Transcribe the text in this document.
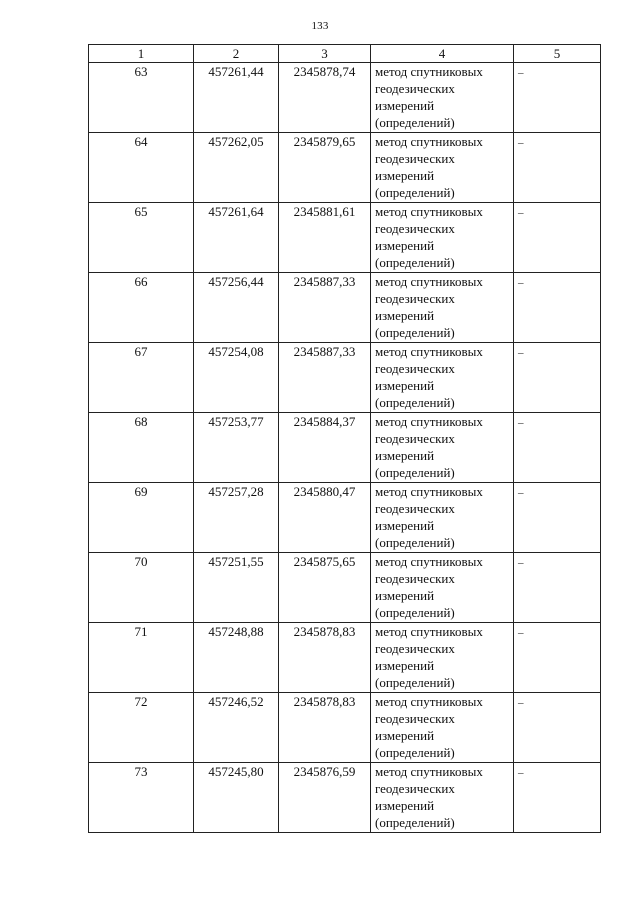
133
1	2	3	4	5
63	457261,44	2345878,74	метод спутниковых
геодезических
измерений
(определений)	–
64	457262,05	2345879,65	метод спутниковых
геодезических
измерений
(определений)	–
65	457261,64	2345881,61	метод спутниковых
геодезических
измерений
(определений)	–
66	457256,44	2345887,33	метод спутниковых
геодезических
измерений
(определений)	–
67	457254,08	2345887,33	метод спутниковых
геодезических
измерений
(определений)	–
68	457253,77	2345884,37	метод спутниковых
геодезических
измерений
(определений)	–
69	457257,28	2345880,47	метод спутниковых
геодезических
измерений
(определений)	–
70	457251,55	2345875,65	метод спутниковых
геодезических
измерений
(определений)	–
71	457248,88	2345878,83	метод спутниковых
геодезических
измерений
(определений)	–
72	457246,52	2345878,83	метод спутниковых
геодезических
измерений
(определений)	–
73	457245,80	2345876,59	метод спутниковых
геодезических
измерений
(определений)	–
